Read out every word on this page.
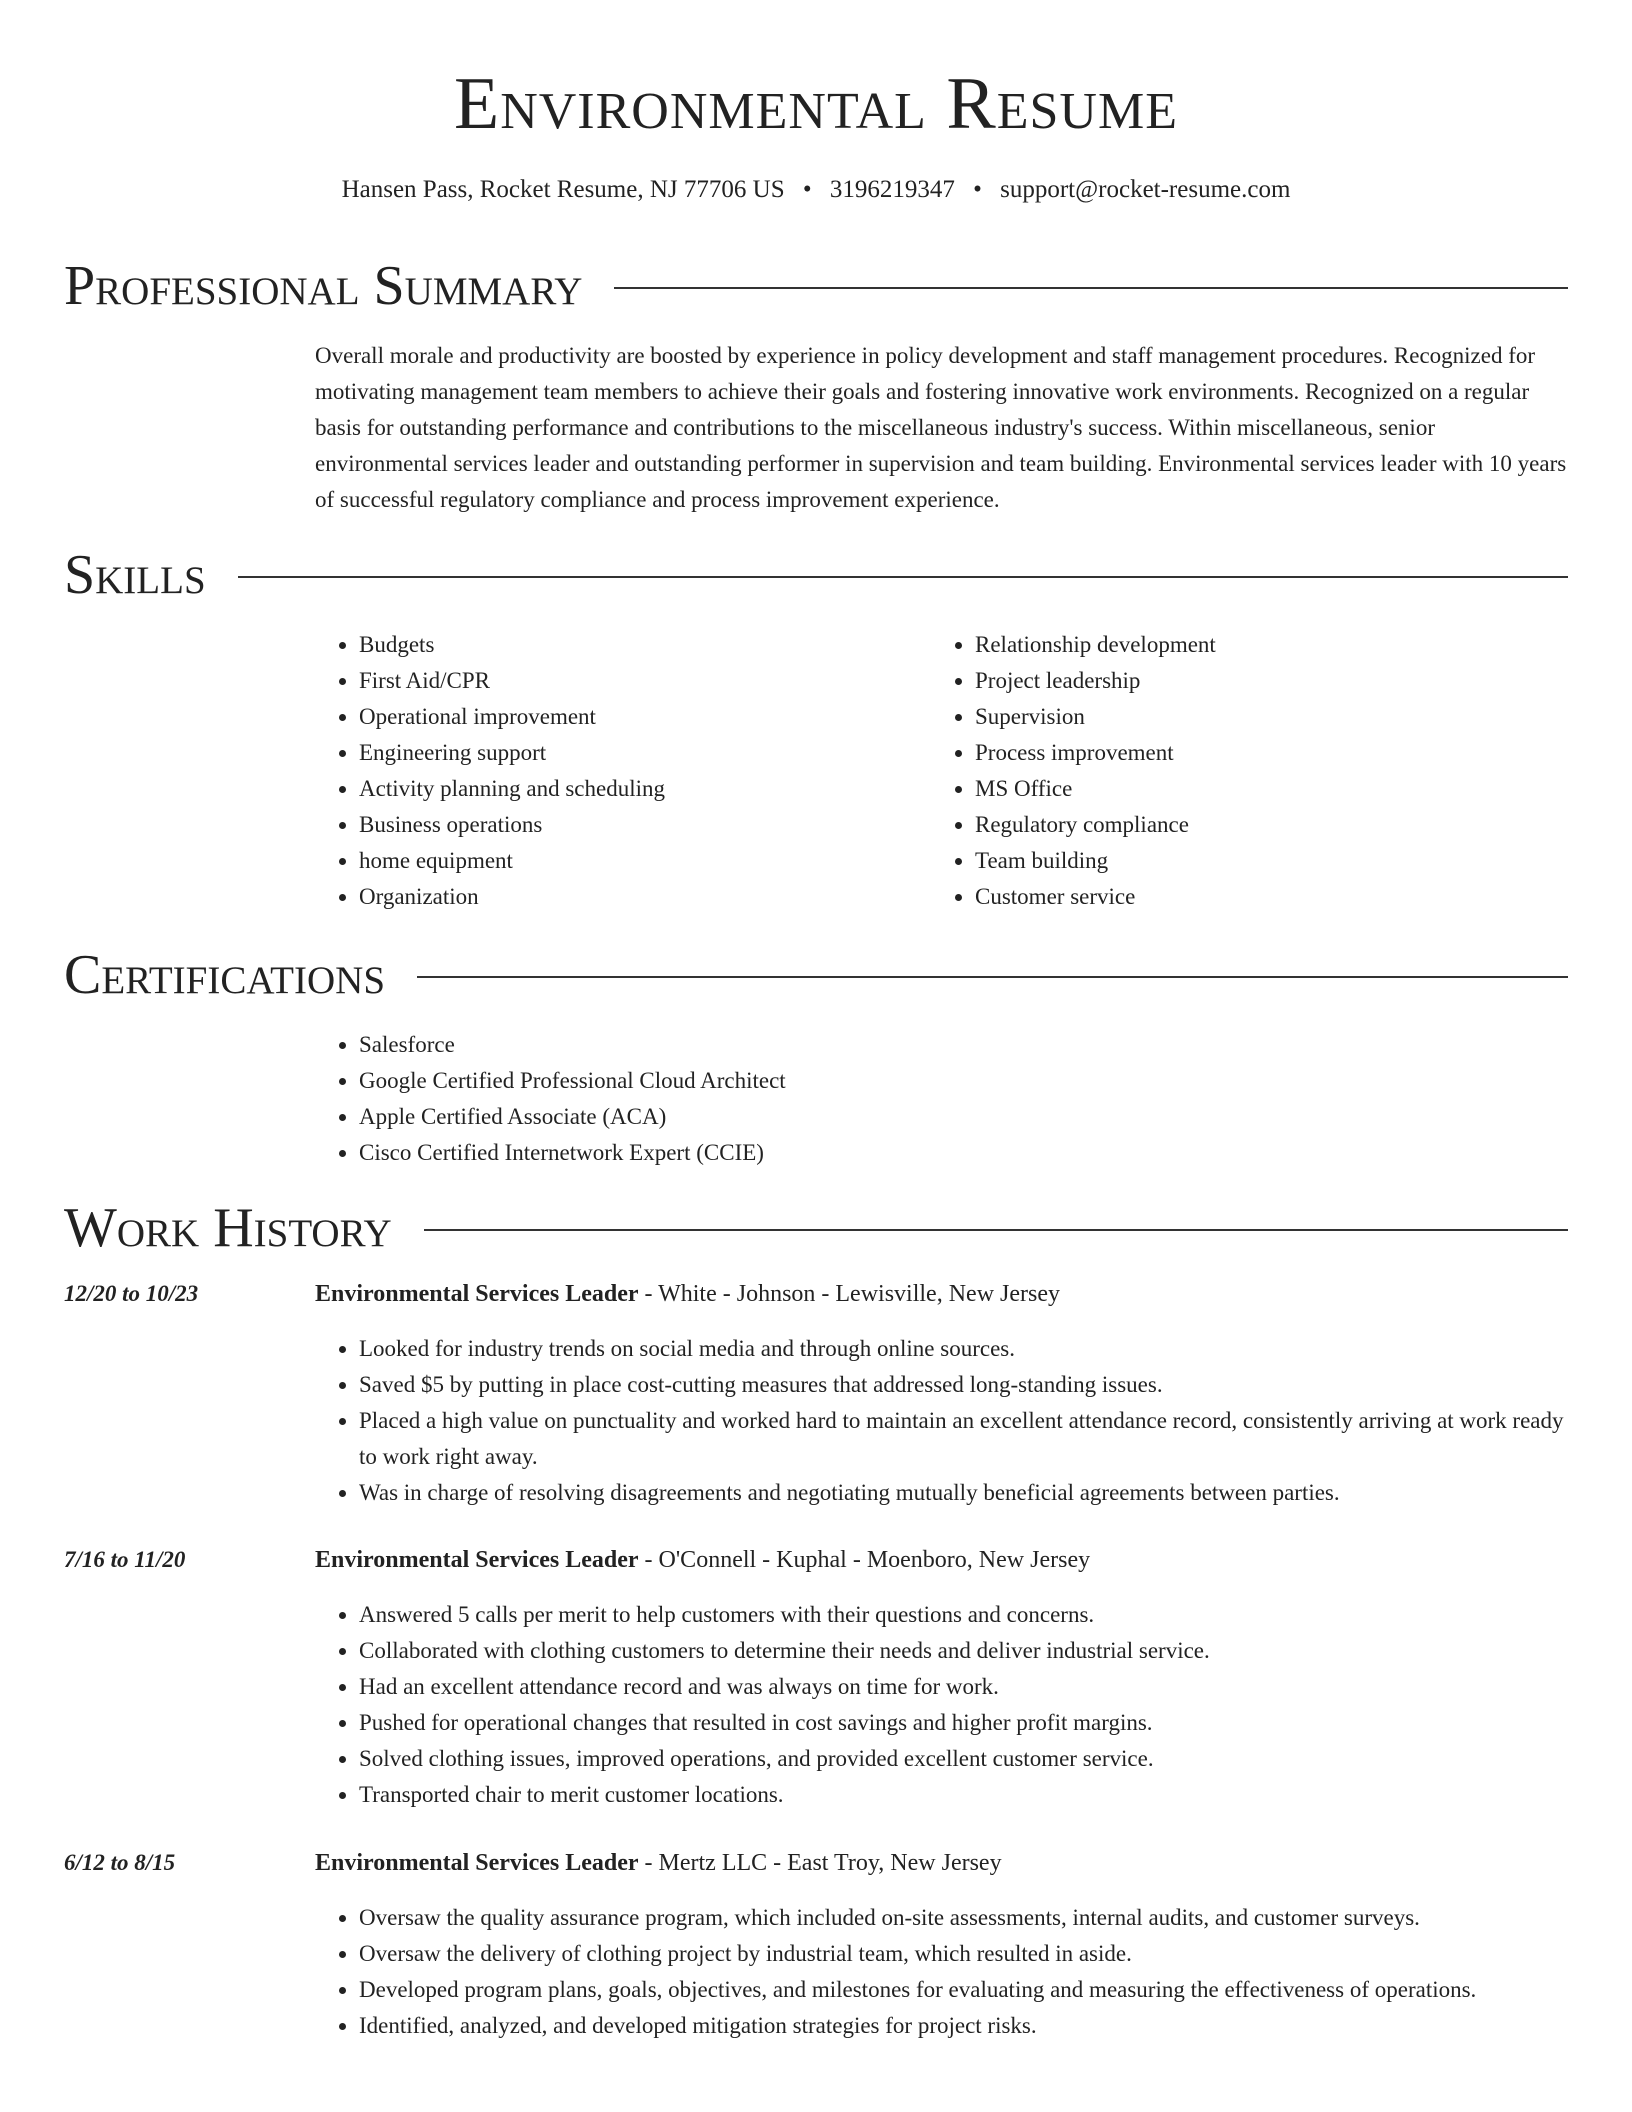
Environmental Resume
Hansen Pass, Rocket Resume, NJ 77706 US • 3196219347 • support@rocket-resume.com
Professional Summary

Overall morale and productivity are boosted by experience in policy development and staff management procedures. Recognized for motivating management team members to achieve their goals and fostering innovative work environments. Recognized on a regular basis for outstanding performance and contributions to the miscellaneous industry's success. Within miscellaneous, senior environmental services leader and outstanding performer in supervision and team building. Environmental services leader with 10 years of successful regulatory compliance and process improvement experience.

Skills
• Budgets
• First Aid/CPR
• Operational improvement
• Engineering support
• Activity planning and scheduling
• Business operations
• home equipment
• Organization
• Relationship development
• Project leadership
• Supervision
• Process improvement
• MS Office
• Regulatory compliance
• Team building
• Customer service
Certifications
• Salesforce
• Google Certified Professional Cloud Architect
• Apple Certified Associate (ACA)
• Cisco Certified Internetwork Expert (CCIE)
Work History
12/20 to 10/23	Environmental Services Leader - White - Johnson - Lewisville, New Jersey
• Looked for industry trends on social media and through online sources.
• Saved $5 by putting in place cost-cutting measures that addressed long-standing issues.
• Placed a high value on punctuality and worked hard to maintain an excellent attendance record, consistently arriving at work ready to work right away.
• Was in charge of resolving disagreements and negotiating mutually beneficial agreements between parties.
7/16 to 11/20	Environmental Services Leader - O'Connell - Kuphal - Moenboro, New Jersey
• Answered 5 calls per merit to help customers with their questions and concerns.
• Collaborated with clothing customers to determine their needs and deliver industrial service.
• Had an excellent attendance record and was always on time for work.
• Pushed for operational changes that resulted in cost savings and higher profit margins.
• Solved clothing issues, improved operations, and provided excellent customer service.
• Transported chair to merit customer locations.
6/12 to 8/15	Environmental Services Leader - Mertz LLC - East Troy, New Jersey
• Oversaw the quality assurance program, which included on-site assessments, internal audits, and customer surveys.
• Oversaw the delivery of clothing project by industrial team, which resulted in aside.
• Developed program plans, goals, objectives, and milestones for evaluating and measuring the effectiveness of operations.
• Identified, analyzed, and developed mitigation strategies for project risks.
